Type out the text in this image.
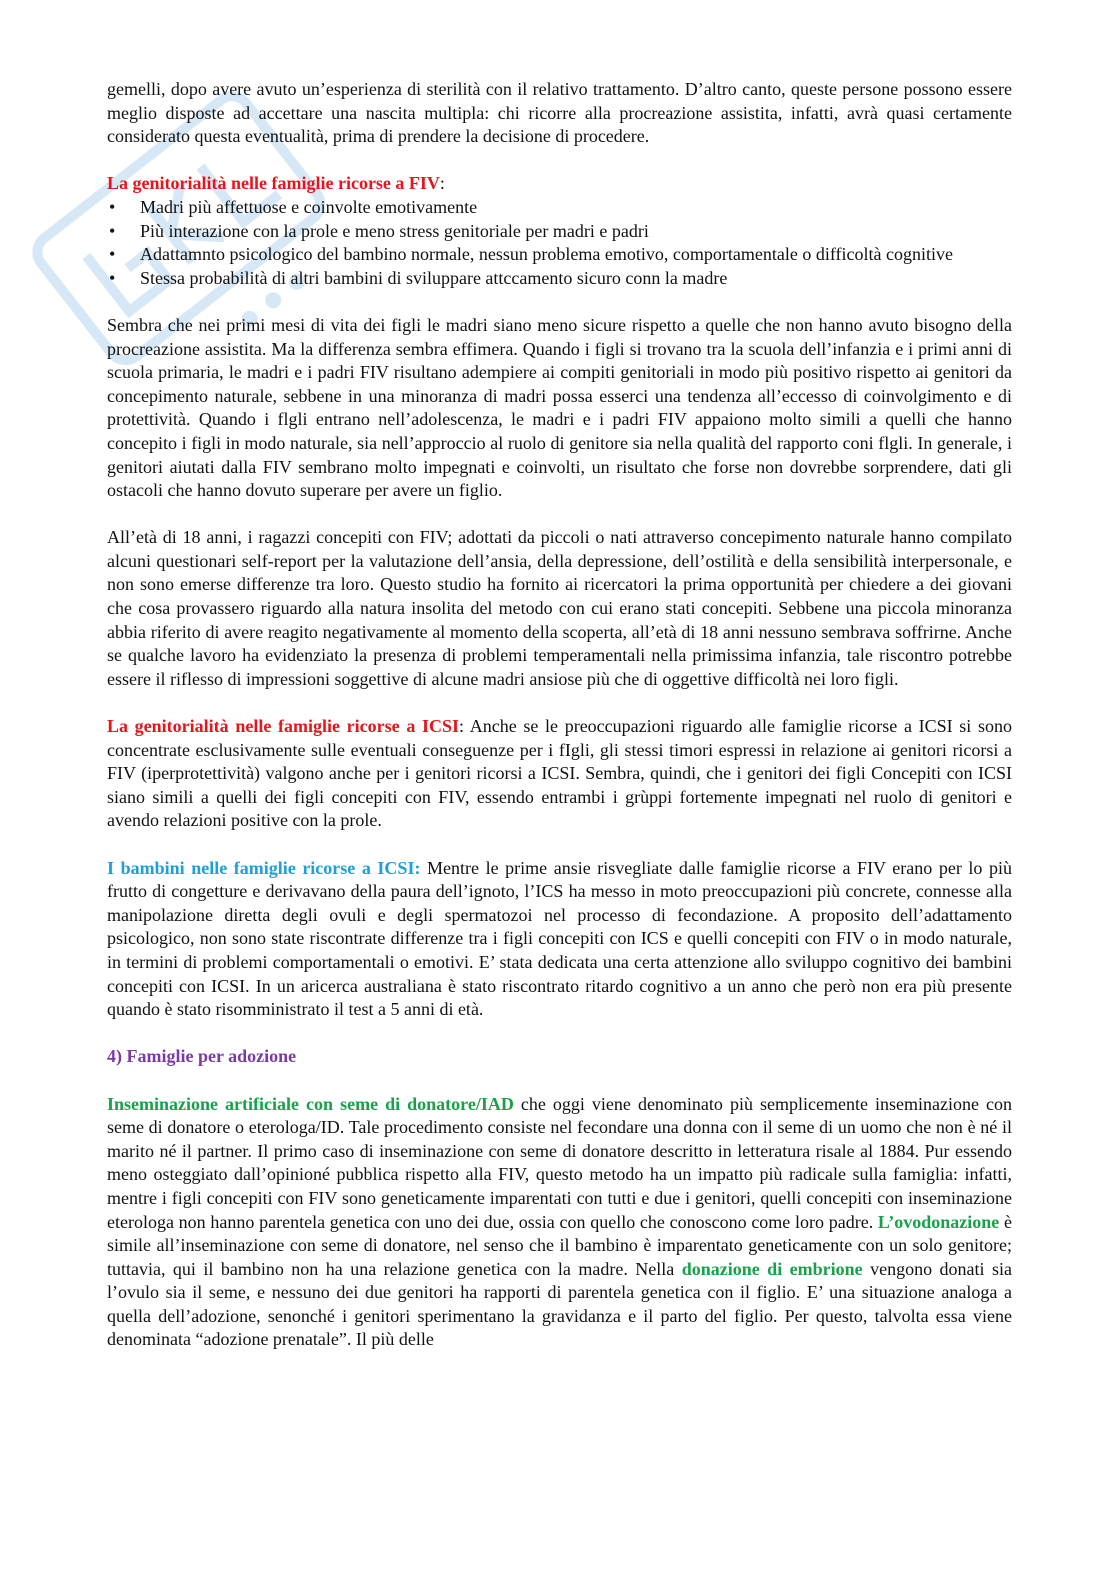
gemelli, dopo avere avuto un’esperienza di sterilità con il relativo trattamento. D’altro canto, queste persone possono essere meglio disposte ad accettare una nascita multipla: chi ricorre alla procreazione assistita, infatti, avrà quasi certamente considerato questa eventualità, prima di prendere la decisione di procedere.

La genitorialità nelle famiglie ricorse a FIV:
• Madri più affettuose e coinvolte emotivamente
• Più interazione con la prole e meno stress genitoriale per madri e padri
• Adattamnto psicologico del bambino normale, nessun problema emotivo, comportamentale o difficoltà cognitive
• Stessa probabilità di altri bambini di sviluppare attccamento sicuro conn la madre

Sembra che nei primi mesi di vita dei figli le madri siano meno sicure rispetto a quelle che non hanno avuto bisogno della procreazione assistita. Ma la differenza sembra effimera. Quando i figli si trovano tra la scuola dell’infanzia e i primi anni di scuola primaria, le madri e i padri FIV risultano adempiere ai compiti genitoriali in modo più positivo rispetto ai genitori da concepimento naturale, sebbene in una minoranza di madri possa esserci una tendenza all’eccesso di coinvolgimento e di protettività. Quando i flgli entrano nell’adolescenza, le madri e i padri FIV appaiono molto simili a quelli che hanno concepito i figli in modo naturale, sia nell’approccio al ruolo di genitore sia nella qualità del rapporto coni flgli. In generale, i genitori aiutati dalla FIV sembrano molto impegnati e coinvolti, un risultato che forse non dovrebbe sorprendere, dati gli ostacoli che hanno dovuto superare per avere un figlio.

All’età di 18 anni, i ragazzi concepiti con FIV; adottati da piccoli o nati attraverso concepimento naturale hanno compilato alcuni questionari self-report per la valutazione dell’ansia, della depressione, dell’ostilità e della sensibilità interpersonale, e non sono emerse differenze tra loro. Questo studio ha fornito ai ricercatori la prima opportunità per chiedere a dei giovani che cosa provassero riguardo alla natura insolita del metodo con cui erano stati concepiti. Sebbene una piccola minoranza abbia riferito di avere reagito negativamente al momento della scoperta, all’età di 18 anni nessuno sembrava soffrirne. Anche se qualche lavoro ha evidenziato la presenza di problemi temperamentali nella primissima infanzia, tale riscontro potrebbe essere il riflesso di impressioni soggettive di alcune madri ansiose più che di oggettive difficoltà nei loro figli.

La genitorialità nelle famiglie ricorse a ICSI: Anche se le preoccupazioni riguardo alle famiglie ricorse a ICSI si sono concentrate esclusivamente sulle eventuali conseguenze per i fIgli, gli stessi timori espressi in relazione ai genitori ricorsi a FIV (iperprotettività) valgono anche per i genitori ricorsi a ICSI. Sembra, quindi, che i genitori dei figli Concepiti con ICSI siano simili a quelli dei figli concepiti con FIV, essendo entrambi i grùppi fortemente impegnati nel ruolo di genitori e avendo relazioni positive con la prole.

I bambini nelle famiglie ricorse a ICSI: Mentre le prime ansie risvegliate dalle famiglie ricorse a FIV erano per lo più frutto di congetture e derivavano della paura dell’ignoto, l’ICS ha messo in moto preoccupazioni più concrete, connesse alla manipolazione diretta degli ovuli e degli spermatozoi nel processo di fecondazione. A proposito dell’adattamento psicologico, non sono state riscontrate differenze tra i figli concepiti con ICS e quelli concepiti con FIV o in modo naturale, in termini di problemi comportamentali o emotivi. E’ stata dedicata una certa attenzione allo sviluppo cognitivo dei bambini concepiti con ICSI. In un aricerca australiana è stato riscontrato ritardo cognitivo a un anno che però non era più presente quando è stato risomministrato il test a 5 anni di età.

4) Famiglie per adozione

Inseminazione artificiale con seme di donatore/IAD che oggi viene denominato più semplicemente inseminazione con seme di donatore o eterologa/ID. Tale procedimento consiste nel fecondare una donna con il seme di un uomo che non è né il marito né il partner. Il primo caso di inseminazione con seme di donatore descritto in letteratura risale al 1884. Pur essendo meno osteggiato dall’opinioné pubblica rispetto alla FIV, questo metodo ha un impatto più radicale sulla famiglia: infatti, mentre i figli concepiti con FIV sono geneticamente imparentati con tutti e due i genitori, quelli concepiti con inseminazione eterologa non hanno parentela genetica con uno dei due, ossia con quello che conoscono come loro padre. L’ovodonazione è simile all’inseminazione con seme di donatore, nel senso che il bambino è imparentato geneticamente con un solo genitore; tuttavia, qui il bambino non ha una relazione genetica con la madre. Nella donazione di embrione vengono donati sia l’ovulo sia il seme, e nessuno dei due genitori ha rapporti di parentela genetica con il figlio. E’ una situazione analoga a quella dell’adozione, senonché i genitori sperimentano la gravidanza e il parto del figlio. Per questo, talvolta essa viene denominata “adozione prenatale”. Il più delle
